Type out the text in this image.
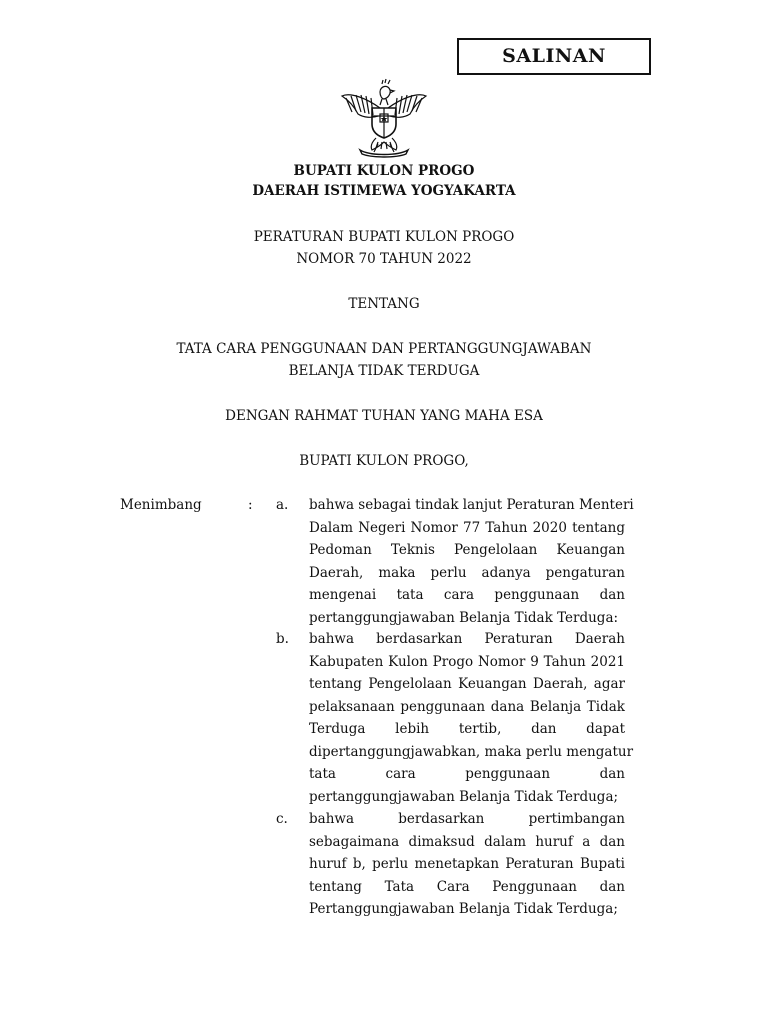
SALINAN
BUPATI KULON PROGO
DAERAH ISTIMEWA YOGYAKARTA
PERATURAN BUPATI KULON PROGO
NOMOR 70 TAHUN 2022
TENTANG
TATA CARA PENGGUNAAN DAN PERTANGGUNGJAWABAN
BELANJA TIDAK TERDUGA
DENGAN RAHMAT TUHAN YANG MAHA ESA
BUPATI KULON PROGO,
Menimbang	: a.	bahwa sebagai tindak lanjut Peraturan Menteri
Dalam Negeri Nomor 77 Tahun 2020 tentang
Pedoman Teknis Pengelolaan Keuangan
Daerah, maka perlu adanya pengaturan
mengenai tata cara penggunaan dan
pertanggungjawaban Belanja Tidak Terduga:
b.	bahwa berdasarkan Peraturan Daerah
Kabupaten Kulon Progo Nomor 9 Tahun 2021
tentang Pengelolaan Keuangan Daerah, agar
pelaksanaan penggunaan dana Belanja Tidak
Terduga lebih tertib, dan dapat
dipertanggungjawabkan, maka perlu mengatur
tata cara penggunaan dan
pertanggungjawaban Belanja Tidak Terduga;
c.	bahwa berdasarkan pertimbangan
sebagaimana dimaksud dalam huruf a dan
huruf b, perlu menetapkan Peraturan Bupati
tentang Tata Cara Penggunaan dan
Pertanggungjawaban Belanja Tidak Terduga;
